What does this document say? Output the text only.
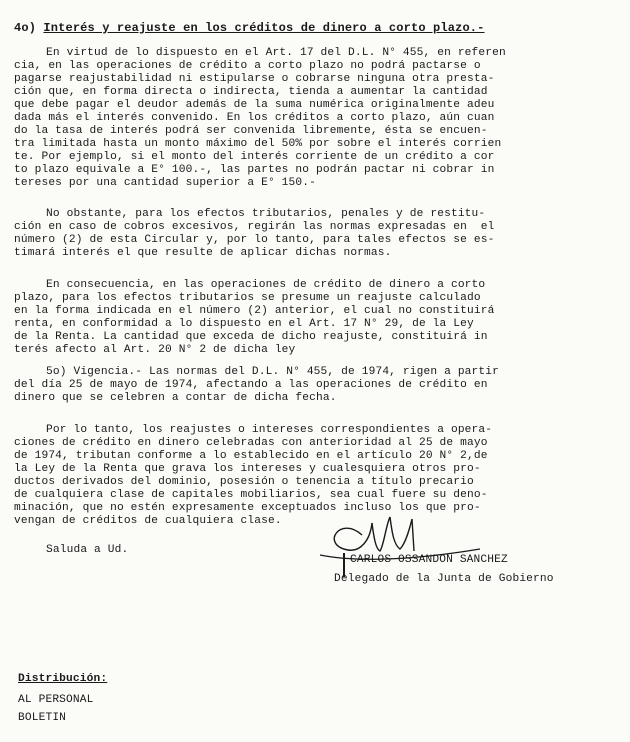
4o) Interés y reajuste en los créditos de dinero a corto plazo.-
En virtud de lo dispuesto en el Art. 17 del D.L. N° 455, en referen
cia, en las operaciones de crédito a corto plazo no podrá pactarse o
pagarse reajustabilidad ni estipularse o cobrarse ninguna otra presta-
ción que, en forma directa o indirecta, tienda a aumentar la cantidad
que debe pagar el deudor además de la suma numérica originalmente adeu
dada más el interés convenido. En los créditos a corto plazo, aún cuan
do la tasa de interés podrá ser convenida libremente, ésta se encuen-
tra limitada hasta un monto máximo del 50% por sobre el interés corrien
te. Por ejemplo, si el monto del interés corriente de un crédito a cor
to plazo equivale a E° 100.-, las partes no podrán pactar ni cobrar in
tereses por una cantidad superior a E° 150.-
No obstante, para los efectos tributarios, penales y de restitu-
ción en caso de cobros excesivos, regirán las normas expresadas en  el
número (2) de esta Circular y, por lo tanto, para tales efectos se es-
timará interés el que resulte de aplicar dichas normas.
En consecuencia, en las operaciones de crédito de dinero a corto
plazo, para los efectos tributarios se presume un reajuste calculado
en la forma indicada en el número (2) anterior, el cual no constituirá
renta, en conformidad a lo dispuesto en el Art. 17 N° 29, de la Ley
de la Renta. La cantidad que exceda de dicho reajuste, constituirá in
terés afecto al Art. 20 N° 2 de dicha ley
5o) Vigencia.- Las normas del D.L. N° 455, de 1974, rigen a partir
del día 25 de mayo de 1974, afectando a las operaciones de crédito en
dinero que se celebren a contar de dicha fecha.
Por lo tanto, los reajustes o intereses correspondientes a opera-
ciones de crédito en dinero celebradas con anterioridad al 25 de mayo
de 1974, tributan conforme a lo establecido en el artículo 20 N° 2,de
la Ley de la Renta que grava los intereses y cualesquiera otros pro-
ductos derivados del dominio, posesión o tenencia a título precario
de cualquiera clase de capitales mobiliarios, sea cual fuere su deno-
minación, que no estén expresamente exceptuados incluso los que pro-
vengan de créditos de cualquiera clase.
Saluda a Ud.
CARLOS OSSANDON SANCHEZ
Delegado de la Junta de Gobierno
Distribución:
AL PERSONAL
BOLETIN
